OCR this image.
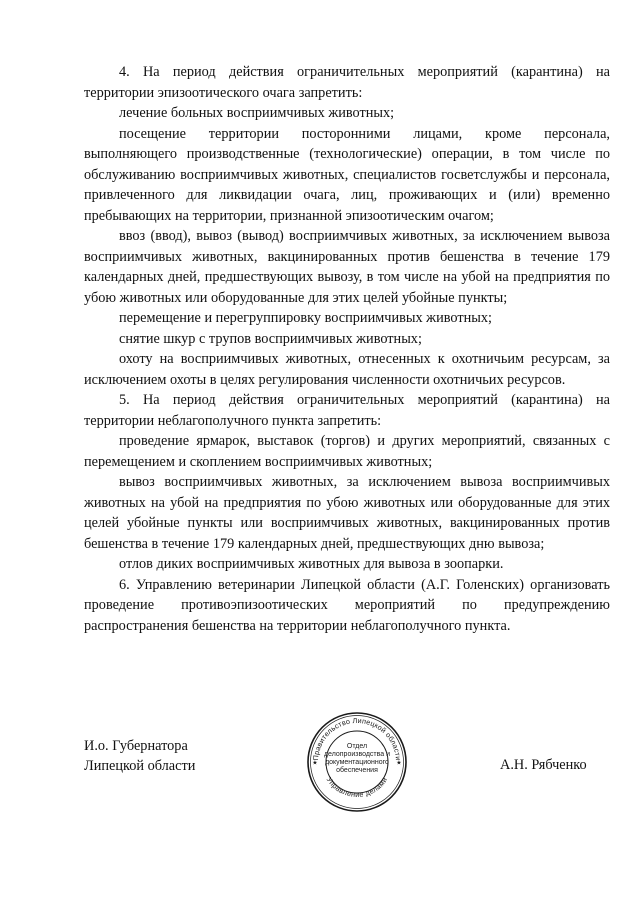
4. На период действия ограничительных мероприятий (карантина) на территории эпизоотического очага запретить:

лечение больных восприимчивых животных;

посещение территории посторонними лицами, кроме персонала, выполняющего производственные (технологические) операции, в том числе по обслуживанию восприимчивых животных, специалистов госветслужбы и персонала, привлеченного для ликвидации очага, лиц, проживающих и (или) временно пребывающих на территории, признанной эпизоотическим очагом;

ввоз (ввод), вывоз (вывод) восприимчивых животных, за исключением вывоза восприимчивых животных, вакцинированных против бешенства в течение 179 календарных дней, предшествующих вывозу, в том числе на убой на предприятия по убою животных или оборудованные для этих целей убойные пункты;

перемещение и перегруппировку восприимчивых животных;

снятие шкур с трупов восприимчивых животных;

охоту на восприимчивых животных, отнесенных к охотничьим ресурсам, за исключением охоты в целях регулирования численности охотничьих ресурсов.

5. На период действия ограничительных мероприятий (карантина) на территории неблагополучного пункта запретить:

проведение ярмарок, выставок (торгов) и других мероприятий, связанных с перемещением и скоплением восприимчивых животных;

вывоз восприимчивых животных, за исключением вывоза восприимчивых животных на убой на предприятия по убою животных или оборудованные для этих целей убойные пункты или восприимчивых животных, вакцинированных против бешенства в течение 179 календарных дней, предшествующих дню вывоза;

отлов диких восприимчивых животных для вывоза в зоопарки.

6. Управлению ветеринарии Липецкой области (А.Г. Голенских) организовать проведение противоэпизоотических мероприятий по предупреждению распространения бешенства на территории неблагополучного пункта.

И.о. Губернатора
Липецкой области
Правительство Липецкой области
Управление делами
★	★
Отдел
делопроизводства и
документационного
обеспечения	А.Н. Рябченко
